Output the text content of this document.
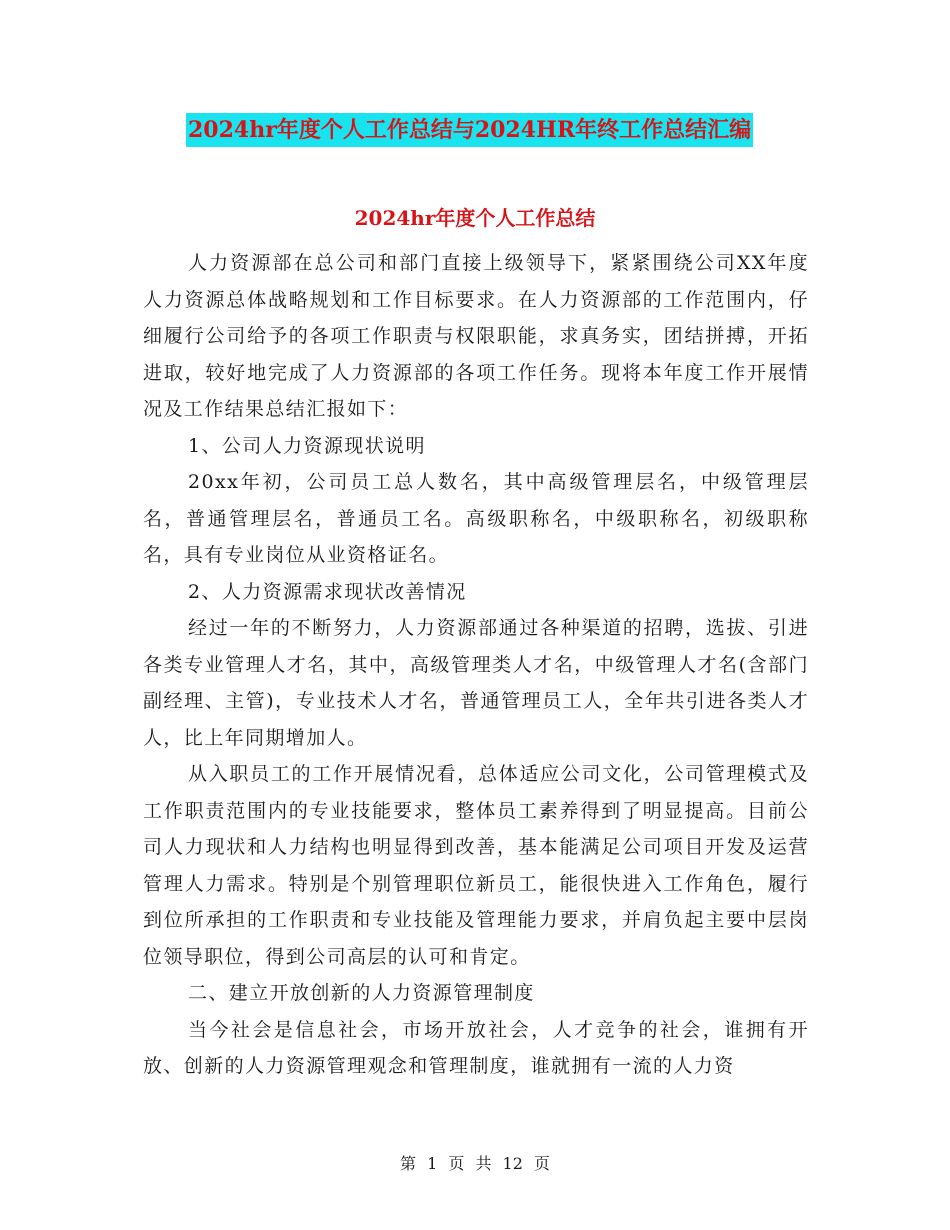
2024hr年度个人工作总结与2024HR年终工作总结汇编
2024hr年度个人工作总结

人力资源部在总公司和部门直接上级领导下，紧紧围绕公司XX年度人力资源总体战略规划和工作目标要求。在人力资源部的工作范围内，仔细履行公司给予的各项工作职责与权限职能，求真务实，团结拼搏，开拓进取，较好地完成了人力资源部的各项工作任务。现将本年度工作开展情况及工作结果总结汇报如下：

1、公司人力资源现状说明

20xx年初，公司员工总人数名，其中高级管理层名，中级管理层名，普通管理层名，普通员工名。高级职称名，中级职称名，初级职称名，具有专业岗位从业资格证名。

2、人力资源需求现状改善情况

经过一年的不断努力，人力资源部通过各种渠道的招聘，选拔、引进各类专业管理人才名，其中，高级管理类人才名，中级管理人才名(含部门副经理、主管)，专业技术人才名，普通管理员工人，全年共引进各类人才人，比上年同期增加人。

从入职员工的工作开展情况看，总体适应公司文化，公司管理模式及工作职责范围内的专业技能要求，整体员工素养得到了明显提高。目前公司人力现状和人力结构也明显得到改善，基本能满足公司项目开发及运营管理人力需求。特别是个别管理职位新员工，能很快进入工作角色，履行到位所承担的工作职责和专业技能及管理能力要求，并肩负起主要中层岗位领导职位，得到公司高层的认可和肯定。

二、建立开放创新的人力资源管理制度

当今社会是信息社会，市场开放社会，人才竞争的社会，谁拥有开放、创新的人力资源管理观念和管理制度，谁就拥有一流的人力资

第 1 页 共 12 页
